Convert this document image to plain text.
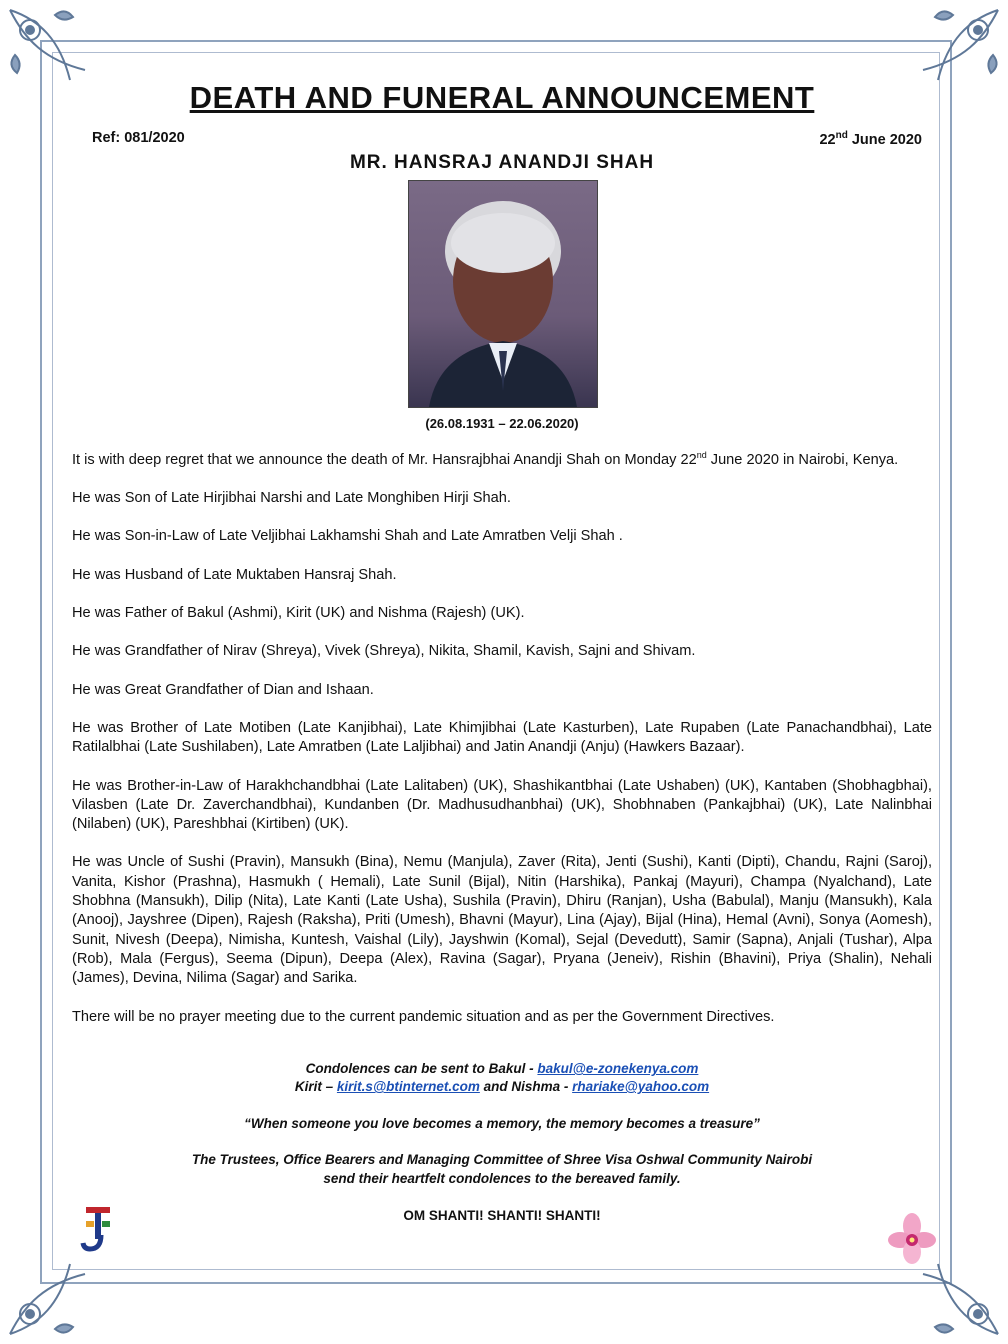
DEATH AND FUNERAL ANNOUNCEMENT
Ref: 081/2020	22nd June 2020
MR. HANSRAJ ANANDJI SHAH
(26.08.1931 – 22.06.2020)

It is with deep regret that we announce the death of Mr. Hansrajbhai Anandji Shah on Monday 22nd June 2020 in Nairobi, Kenya.

He was Son of Late Hirjibhai Narshi and Late Monghiben Hirji Shah.

He was Son-in-Law of Late Veljibhai Lakhamshi Shah and Late Amratben Velji Shah .

He was Husband of Late Muktaben Hansraj Shah.

He was Father of Bakul (Ashmi), Kirit (UK) and Nishma (Rajesh) (UK).

He was Grandfather of Nirav (Shreya), Vivek (Shreya), Nikita, Shamil, Kavish, Sajni and Shivam.

He was Great Grandfather of Dian and Ishaan.

He was Brother of Late Motiben (Late Kanjibhai), Late Khimjibhai (Late Kasturben), Late Rupaben (Late Panachandbhai), Late Ratilalbhai (Late Sushilaben), Late Amratben (Late Laljibhai) and Jatin Anandji (Anju) (Hawkers Bazaar).

He was Brother-in-Law of Harakhchandbhai (Late Lalitaben) (UK), Shashikantbhai (Late Ushaben) (UK), Kantaben (Shobhagbhai), Vilasben (Late Dr. Zaverchandbhai), Kundanben (Dr. Madhusudhanbhai) (UK), Shobhnaben (Pankajbhai) (UK), Late Nalinbhai (Nilaben) (UK), Pareshbhai (Kirtiben) (UK).

He was Uncle of Sushi (Pravin), Mansukh (Bina), Nemu (Manjula), Zaver (Rita), Jenti (Sushi), Kanti (Dipti), Chandu, Rajni (Saroj), Vanita, Kishor (Prashna), Hasmukh ( Hemali), Late Sunil (Bijal), Nitin (Harshika), Pankaj (Mayuri), Champa (Nyalchand), Late Shobhna (Mansukh), Dilip (Nita), Late Kanti (Late Usha), Sushila (Pravin), Dhiru (Ranjan), Usha (Babulal), Manju (Mansukh), Kala (Anooj), Jayshree (Dipen), Rajesh (Raksha), Priti (Umesh), Bhavni (Mayur), Lina (Ajay), Bijal (Hina), Hemal (Avni), Sonya (Aomesh), Sunit, Nivesh (Deepa), Nimisha, Kuntesh, Vaishal (Lily), Jayshwin (Komal), Sejal (Devedutt), Samir (Sapna), Anjali (Tushar), Alpa (Rob), Mala (Fergus), Seema (Dipun), Deepa (Alex), Ravina (Sagar), Pryana (Jeneiv), Rishin (Bhavini), Priya (Shalin), Nehali (James), Devina, Nilima (Sagar) and Sarika.

There will be no prayer meeting due to the current pandemic situation and as per the Government Directives.

Condolences can be sent to Bakul - bakul@e-zonekenya.com
Kirit – kirit.s@btinternet.com and Nishma - rhariake@yahoo.com
“When someone you love becomes a memory, the memory becomes a treasure”
The Trustees, Office Bearers and Managing Committee of Shree Visa Oshwal Community Nairobi
send their heartfelt condolences to the bereaved family.
OM SHANTI! SHANTI! SHANTI!
